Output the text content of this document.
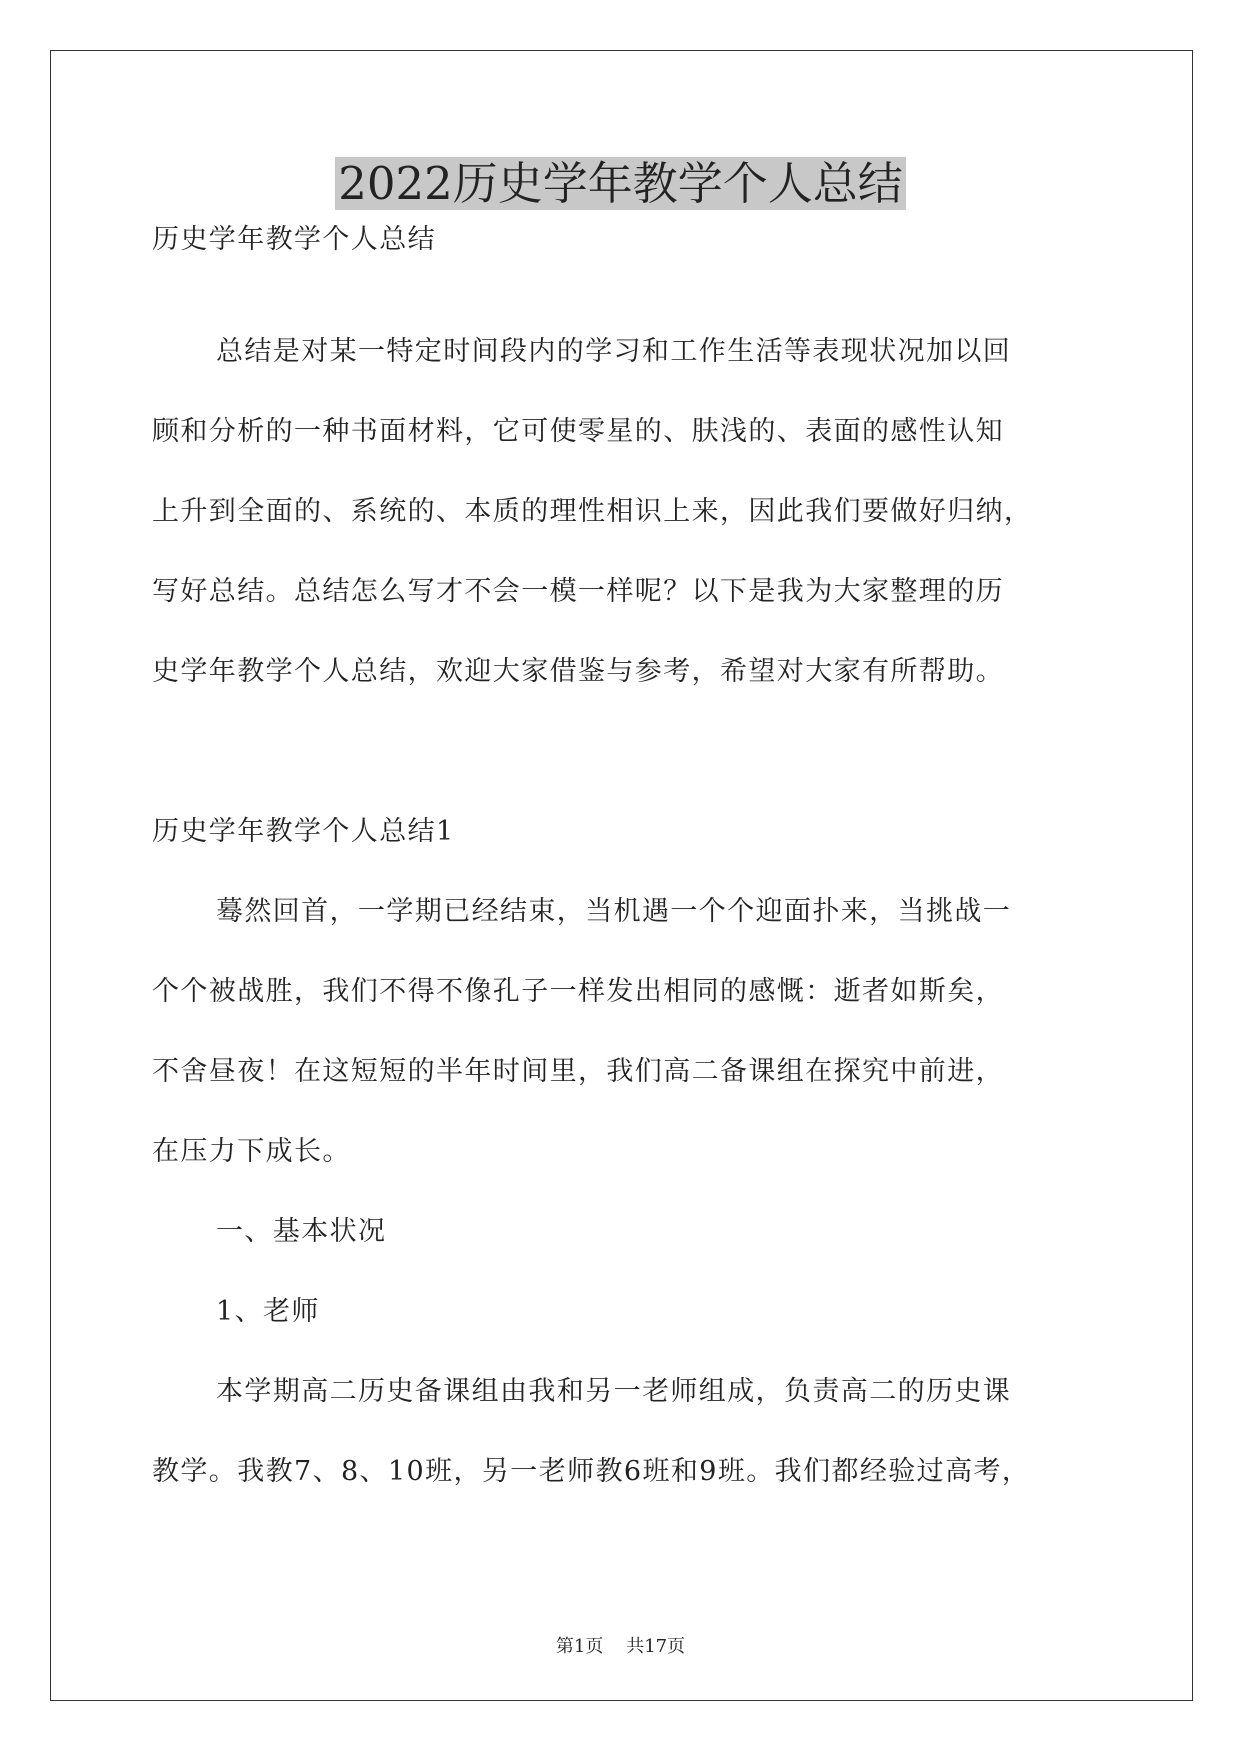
2022历史学年教学个人总结

历史学年教学个人总结

总结是对某一特定时间段内的学习和工作生活等表现状况加以回

顾和分析的一种书面材料，它可使零星的、肤浅的、表面的感性认知

上升到全面的、系统的、本质的理性相识上来，因此我们要做好归纳，

写好总结。总结怎么写才不会一模一样呢？以下是我为大家整理的历

史学年教学个人总结，欢迎大家借鉴与参考，希望对大家有所帮助。

历史学年教学个人总结1

蓦然回首，一学期已经结束，当机遇一个个迎面扑来，当挑战一

个个被战胜，我们不得不像孔子一样发出相同的感慨：逝者如斯矣，

不舍昼夜！在这短短的半年时间里，我们高二备课组在探究中前进，

在压力下成长。

一、基本状况

1、老师

本学期高二历史备课组由我和另一老师组成，负责高二的历史课

教学。我教7、8、10班，另一老师教6班和9班。我们都经验过高考，

第1页 共17页
